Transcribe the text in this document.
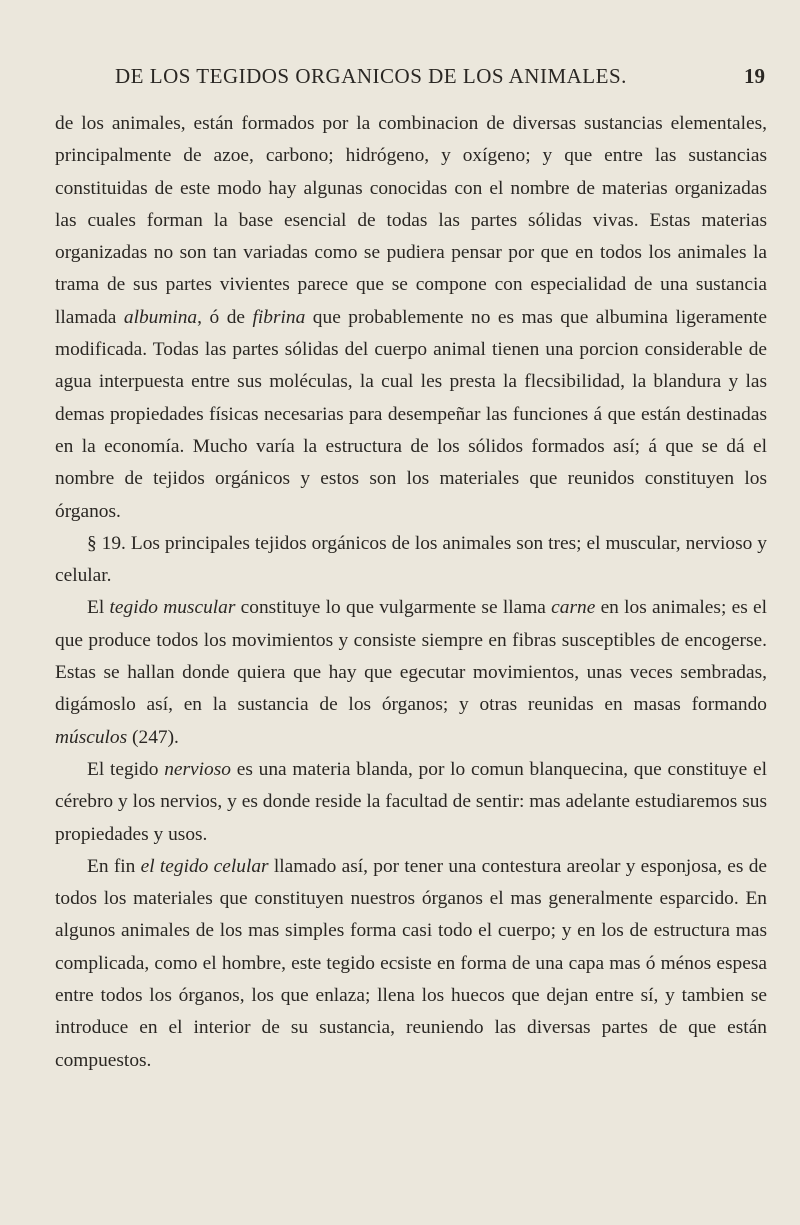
DE LOS TEGIDOS ORGANICOS DE LOS ANIMALES.	19

de los animales, están formados por la combinacion de diversas sustancias elementales, principalmente de azoe, carbono; hidrógeno, y oxígeno; y que entre las sustancias constituidas de este modo hay algunas conocidas con el nombre de materias organizadas las cuales forman la base esencial de todas las partes sólidas vivas. Estas materias organizadas no son tan variadas como se pudiera pensar por que en todos los animales la trama de sus partes vivientes parece que se compone con especialidad de una sustancia llamada albumina, ó de fibrina que probablemente no es mas que albumina ligeramente modificada. Todas las partes sólidas del cuerpo animal tienen una porcion considerable de agua interpuesta entre sus moléculas, la cual les presta la flecsibilidad, la blandura y las demas propiedades físicas necesarias para desempeñar las funciones á que están destinadas en la economía. Mucho varía la estructura de los sólidos formados así; á que se dá el nombre de tejidos orgánicos y estos son los materiales que reunidos constituyen los órganos.

§ 19. Los principales tejidos orgánicos de los animales son tres; el muscular, nervioso y celular.

El tegido muscular constituye lo que vulgarmente se llama carne en los animales; es el que produce todos los movimientos y consiste siempre en fibras susceptibles de encogerse. Estas se hallan donde quiera que hay que egecutar movimientos, unas veces sembradas, digámoslo así, en la sustancia de los órganos; y otras reunidas en masas formando músculos (247).

El tegido nervioso es una materia blanda, por lo comun blanquecina, que constituye el cérebro y los nervios, y es donde reside la facultad de sentir: mas adelante estudiaremos sus propiedades y usos.

En fin el tegido celular llamado así, por tener una contestura areolar y esponjosa, es de todos los materiales que constituyen nuestros órganos el mas generalmente esparcido. En algunos animales de los mas simples forma casi todo el cuerpo; y en los de estructura mas complicada, como el hombre, este tegido ecsiste en forma de una capa mas ó ménos espesa entre todos los órganos, los que enlaza; llena los huecos que dejan entre sí, y tambien se introduce en el interior de su sustancia, reuniendo las diversas partes de que están compuestos.
